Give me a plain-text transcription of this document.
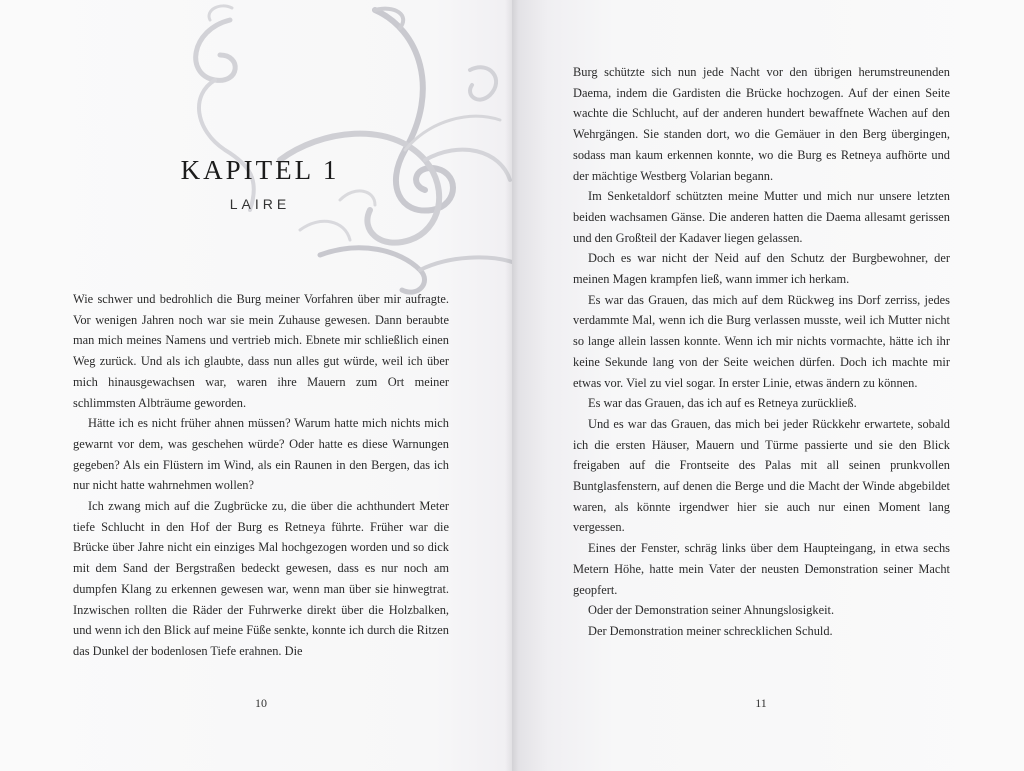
KAPITEL 1
LAIRE

Wie schwer und bedrohlich die Burg meiner Vorfahren über mir aufragte. Vor wenigen Jahren noch war sie mein Zuhause gewesen. Dann beraubte man mich meines Namens und vertrieb mich. Ebnete mir schließlich einen Weg zurück. Und als ich glaubte, dass nun alles gut würde, weil ich über mich hinausgewachsen war, waren ihre Mauern zum Ort meiner schlimmsten Albträume geworden.

Hätte ich es nicht früher ahnen müssen? Warum hatte mich nichts mich gewarnt vor dem, was geschehen würde? Oder hatte es diese Warnungen gegeben? Als ein Flüstern im Wind, als ein Raunen in den Bergen, das ich nur nicht hatte wahrnehmen wollen?

Ich zwang mich auf die Zugbrücke zu, die über die achthundert Meter tiefe Schlucht in den Hof der Burg es Retneya führte. Früher war die Brücke über Jahre nicht ein einziges Mal hochgezogen worden und so dick mit dem Sand der Bergstraßen bedeckt gewesen, dass es nur noch am dumpfen Klang zu erkennen gewesen war, wenn man über sie hinwegtrat. Inzwischen rollten die Räder der Fuhrwerke direkt über die Holzbalken, und wenn ich den Blick auf meine Füße senkte, konnte ich durch die Ritzen das Dunkel der bodenlosen Tiefe erahnen. Die

10

Burg schützte sich nun jede Nacht vor den übrigen herumstreunenden Daema, indem die Gardisten die Brücke hochzogen. Auf der einen Seite wachte die Schlucht, auf der anderen hundert bewaffnete Wachen auf den Wehrgängen. Sie standen dort, wo die Gemäuer in den Berg übergingen, sodass man kaum erkennen konnte, wo die Burg es Retneya aufhörte und der mächtige Westberg Volarian begann.

Im Senketaldorf schützten meine Mutter und mich nur unsere letzten beiden wachsamen Gänse. Die anderen hatten die Daema allesamt gerissen und den Großteil der Kadaver liegen gelassen.

Doch es war nicht der Neid auf den Schutz der Burgbewohner, der meinen Magen krampfen ließ, wann immer ich herkam.

Es war das Grauen, das mich auf dem Rückweg ins Dorf zerriss, jedes verdammte Mal, wenn ich die Burg verlassen musste, weil ich Mutter nicht so lange allein lassen konnte. Wenn ich mir nichts vormachte, hätte ich ihr keine Sekunde lang von der Seite weichen dürfen. Doch ich machte mir etwas vor. Viel zu viel sogar. In erster Linie, etwas ändern zu können.

Es war das Grauen, das ich auf es Retneya zurückließ.

Und es war das Grauen, das mich bei jeder Rückkehr erwartete, sobald ich die ersten Häuser, Mauern und Türme passierte und sie den Blick freigaben auf die Frontseite des Palas mit all seinen prunkvollen Buntglasfenstern, auf denen die Berge und die Macht der Winde abgebildet waren, als könnte irgendwer hier sie auch nur einen Moment lang vergessen.

Eines der Fenster, schräg links über dem Haupteingang, in etwa sechs Metern Höhe, hatte mein Vater der neusten Demonstration seiner Macht geopfert.

Oder der Demonstration seiner Ahnungslosigkeit.

Der Demonstration meiner schrecklichen Schuld.

11
